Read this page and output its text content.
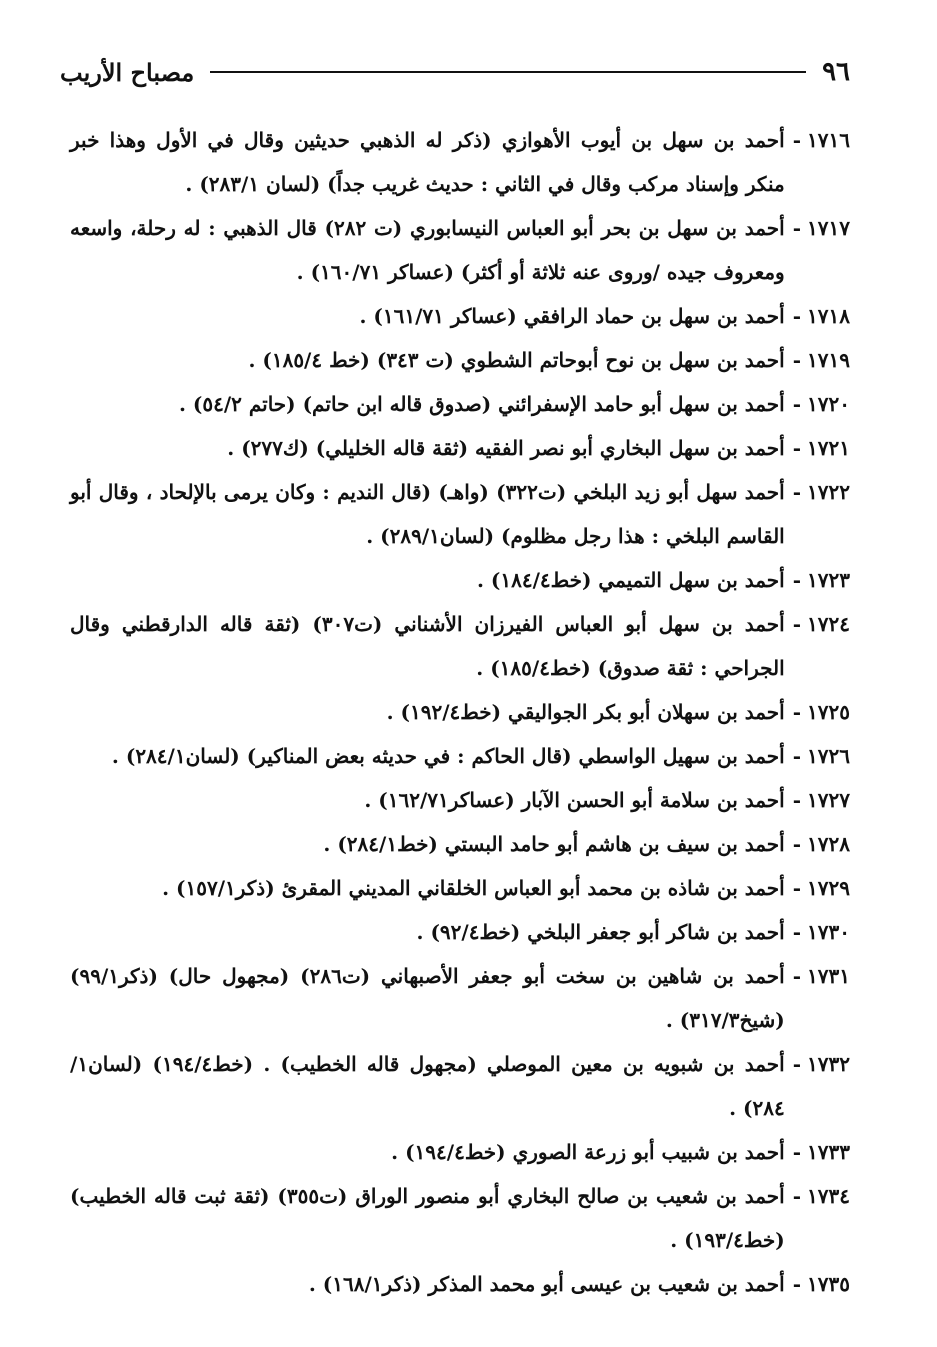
٩٦
مصباح الأريب

١٧١٦
-
أحمد بن سهل بن أيوب الأهوازي (ذكر له الذهبي حديثين وقال في الأول وهذا خبر منكر وإسناد مركب وقال في الثاني : حديث غريب جداً) (لسان ٢٨٣/١) .

١٧١٧
-
أحمد بن سهل بن بحر أبو العباس النيسابوري (ت ٢٨٢) قال الذهبي : له رحلة، واسعه ومعروف جيده /وروى عنه ثلاثة أو أكثر) (عساكر ١٦٠/٧١) .

١٧١٨
-
أحمد بن سهل بن حماد الرافقي (عساكر ١٦١/٧١) .

١٧١٩
-
أحمد بن سهل بن نوح أبوحاتم الشطوي (ت ٣٤٣) (خط ١٨٥/٤) .

١٧٢٠
-
أحمد بن سهل أبو حامد الإسفرائني (صدوق قاله ابن حاتم) (حاتم ٥٤/٢) .

١٧٢١
-
أحمد بن سهل البخاري أبو نصر الفقيه (ثقة قاله الخليلي) (ك٢٧٧) .

١٧٢٢
-
أحمد سهل أبو زيد البلخي (ت٣٢٢) (واهـ) (قال النديم : وكان يرمى بالإلحاد ، وقال أبو القاسم البلخي : هذا رجل مظلوم) (لسان٢٨٩/١) .

١٧٢٣
-
أحمد بن سهل التميمي (خط١٨٤/٤) .

١٧٢٤
-
أحمد بن سهل أبو العباس الفيرزان الأشناني (ت٣٠٧) (ثقة قاله الدارقطني وقال الجراحي : ثقة صدوق) (خط١٨٥/٤) .

١٧٢٥
-
أحمد بن سهلان أبو بكر الجواليقي (خط١٩٢/٤) .

١٧٢٦
-
أحمد بن سهيل الواسطي (قال الحاكم : في حديثه بعض المناكير) (لسان٢٨٤/١) .

١٧٢٧
-
أحمد بن سلامة أبو الحسن الآبار (عساكر١٦٢/٧١) .

١٧٢٨
-
أحمد بن سيف بن هاشم أبو حامد البستي (خط٢٨٤/١) .

١٧٢٩
-
أحمد بن شاذه بن محمد أبو العباس الخلقاني المديني المقرئ (ذكر١٥٧/١) .

١٧٣٠
-
أحمد بن شاكر أبو جعفر البلخي (خط٩٢/٤) .

١٧٣١
-
أحمد بن شاهين بن سخت أبو جعفر الأصبهاني (ت٢٨٦) (مجهول حال) (ذكر٩٩/١) (شيخ٣١٧/٣) .

١٧٣٢
-
أحمد بن شبويه بن معين الموصلي (مجهول قاله الخطيب) . (خط١٩٤/٤) (لسان١/ ٢٨٤) .

١٧٣٣
-
أحمد بن شبيب أبو زرعة الصوري (خط١٩٤/٤) .

١٧٣٤
-
أحمد بن شعيب بن صالح البخاري أبو منصور الوراق (ت٣٥٥) (ثقة ثبت قاله الخطيب) (خط١٩٣/٤) .

١٧٣٥
-
أحمد بن شعيب بن عيسى أبو محمد المذكر (ذكر١٦٨/١) .
